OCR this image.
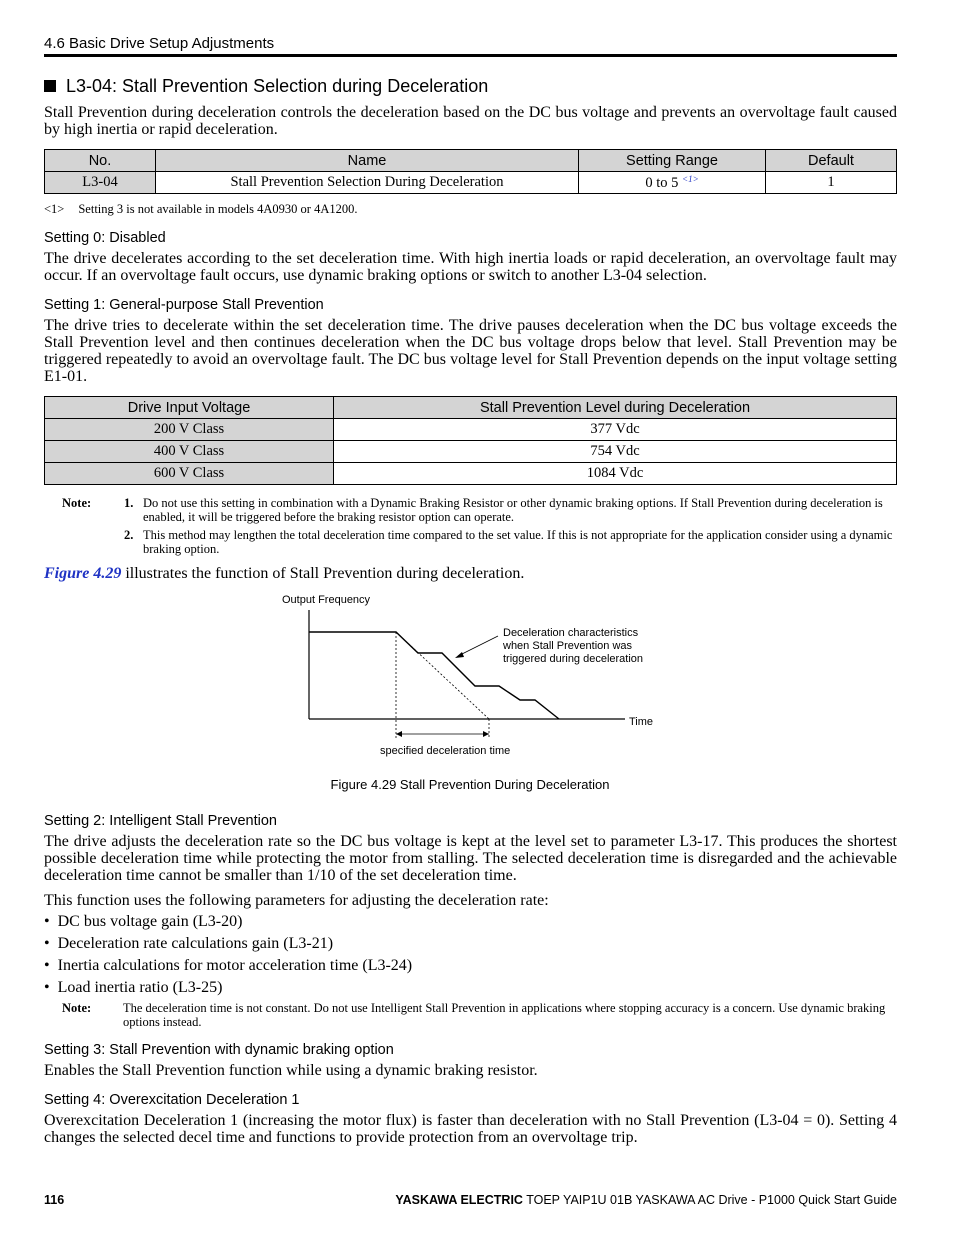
4.6 Basic Drive Setup Adjustments
L3-04: Stall Prevention Selection during Deceleration
Stall Prevention during deceleration controls the deceleration based on the DC bus voltage and prevents an overvoltage fault caused by high inertia or rapid deceleration.
No.	Name	Setting Range	Default
L3-04	Stall Prevention Selection During Deceleration	0 to 5 $^{<1>}$	1
<1> Setting 3 is not available in models 4A0930 or 4A1200.
Setting 0: Disabled
The drive decelerates according to the set deceleration time. With high inertia loads or rapid deceleration, an overvoltage fault may occur. If an overvoltage fault occurs, use dynamic braking options or switch to another L3-04 selection.
Setting 1: General-purpose Stall Prevention
The drive tries to decelerate within the set deceleration time. The drive pauses deceleration when the DC bus voltage exceeds the Stall Prevention level and then continues deceleration when the DC bus voltage drops below that level. Stall Prevention may be triggered repeatedly to avoid an overvoltage fault. The DC bus voltage level for Stall Prevention depends on the input voltage setting E1-01.
Drive Input Voltage	Stall Prevention Level during Deceleration
200 V Class	377 Vdc
400 V Class	754 Vdc
600 V Class	1084 Vdc
Note:	1. Do not use this setting in combination with a Dynamic Braking Resistor or other dynamic braking options. If Stall Prevention during deceleration is enabled, it will be triggered before the braking resistor option can operate.
2. This method may lengthen the total deceleration time compared to the set value. If this is not appropriate for the application consider using a dynamic braking option.
Figure 4.29 illustrates the function of Stall Prevention during deceleration.
Output Frequency
Time
specified deceleration time
Deceleration characteristics when Stall Prevention was triggered during deceleration
Figure 4.29 Stall Prevention During Deceleration
Setting 2: Intelligent Stall Prevention
The drive adjusts the deceleration rate so the DC bus voltage is kept at the level set to parameter L3-17. This produces the shortest possible deceleration time while protecting the motor from stalling. The selected deceleration time is disregarded and the achievable deceleration time cannot be smaller than 1/10 of the set deceleration time.
This function uses the following parameters for adjusting the deceleration rate:
•  DC bus voltage gain (L3-20)
•  Deceleration rate calculations gain (L3-21)
•  Inertia calculations for motor acceleration time (L3-24)
•  Load inertia ratio (L3-25)
Note:	The deceleration time is not constant. Do not use Intelligent Stall Prevention in applications where stopping accuracy is a concern. Use dynamic braking options instead.
Setting 3: Stall Prevention with dynamic braking option
Enables the Stall Prevention function while using a dynamic braking resistor.
Setting 4: Overexcitation Deceleration 1
Overexcitation Deceleration 1 (increasing the motor flux) is faster than deceleration with no Stall Prevention (L3-04 = 0). Setting 4 changes the selected decel time and functions to provide protection from an overvoltage trip.
116	YASKAWA ELECTRIC TOEP YAIP1U 01B YASKAWA AC Drive - P1000 Quick Start Guide
